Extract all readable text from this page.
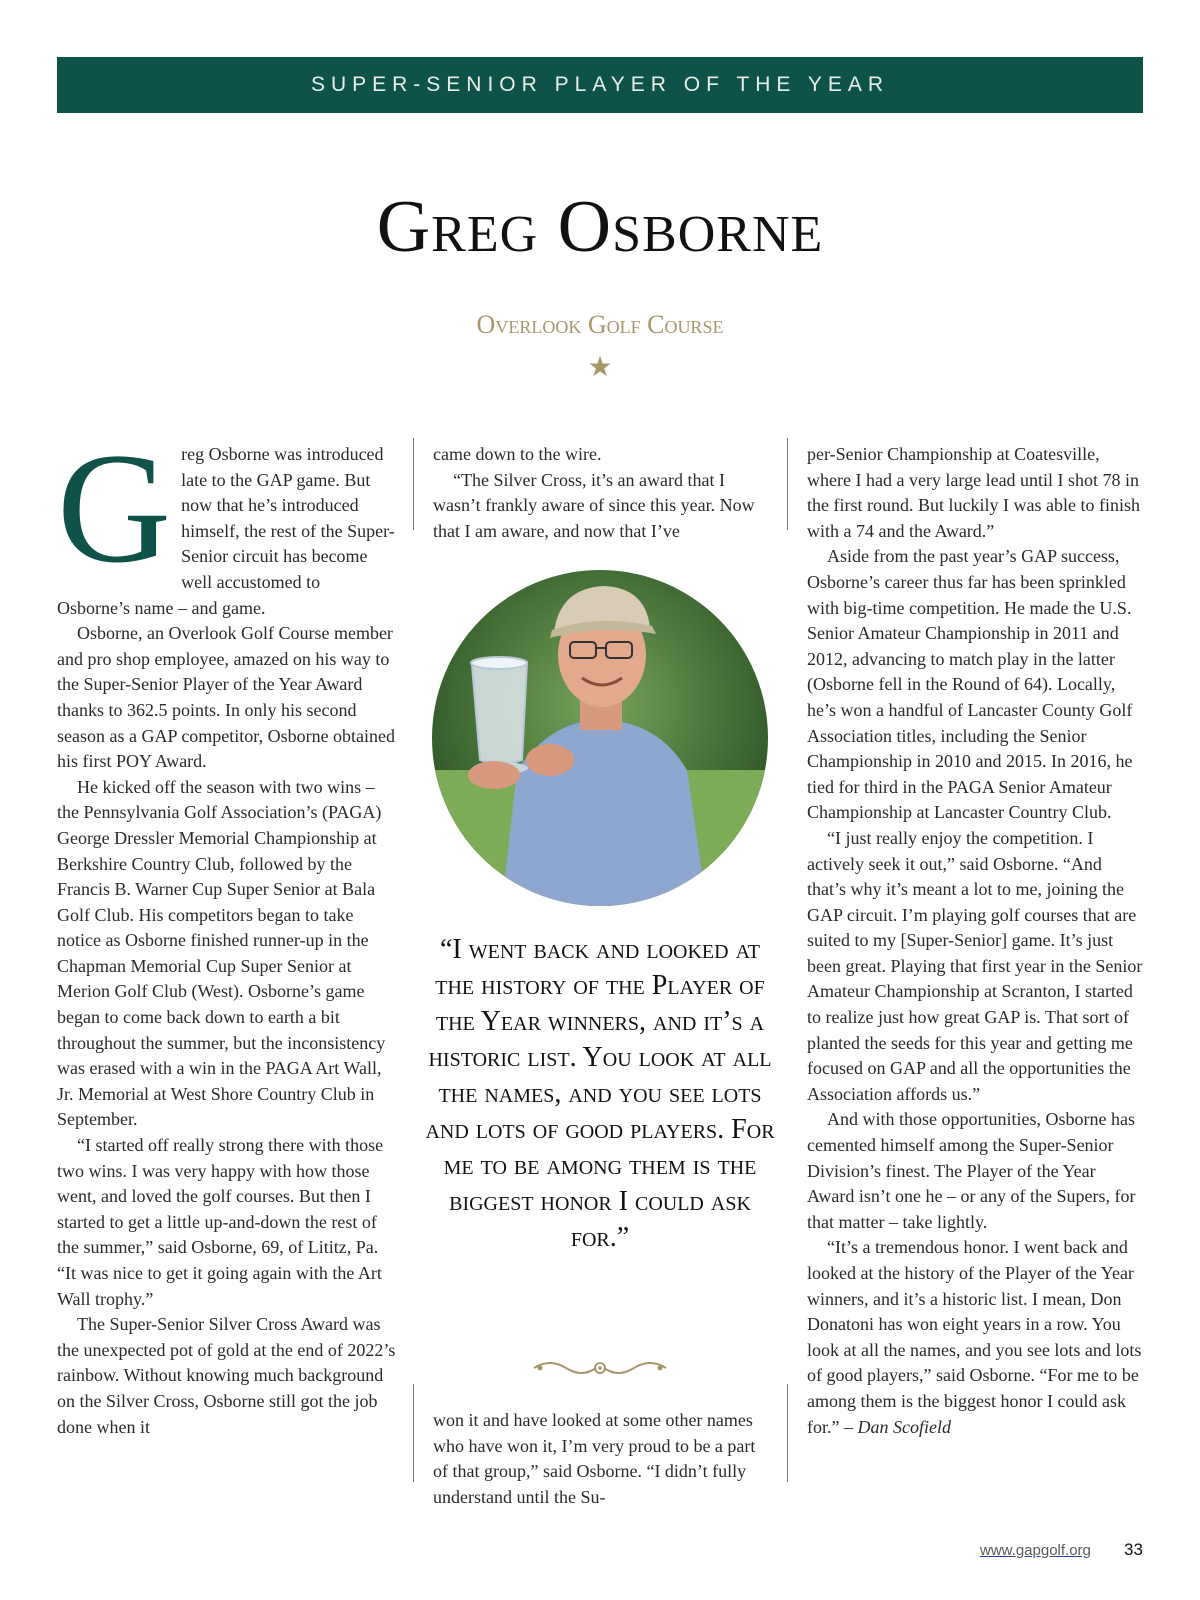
SUPER-SENIOR PLAYER OF THE YEAR
Greg Osborne
Overlook Golf Course
★
G reg Osborne was introduced late to the GAP game. But now that he’s introduced himself, the rest of the Super-Senior circuit has become well accustomed to Osborne’s name – and game.

Osborne, an Overlook Golf Course member and pro shop employee, amazed on his way to the Super-Senior Player of the Year Award thanks to 362.5 points. In only his second season as a GAP competitor, Osborne obtained his first POY Award.

He kicked off the season with two wins – the Pennsylvania Golf Association’s (PAGA) George Dressler Memorial Championship at Berkshire Country Club, followed by the Francis B. Warner Cup Super Senior at Bala Golf Club. His competitors began to take notice as Osborne finished runner-up in the Chapman Memorial Cup Super Senior at Merion Golf Club (West). Osborne’s game began to come back down to earth a bit throughout the summer, but the inconsistency was erased with a win in the PAGA Art Wall, Jr. Memorial at West Shore Country Club in September.

“I started off really strong there with those two wins. I was very happy with how those went, and loved the golf courses. But then I started to get a little up-and-down the rest of the summer,” said Osborne, 69, of Lititz, Pa. “It was nice to get it going again with the Art Wall trophy.”

The Super-Senior Silver Cross Award was the unexpected pot of gold at the end of 2022’s rainbow. Without knowing much background on the Silver Cross, Osborne still got the job done when it

came down to the wire.

“The Silver Cross, it’s an award that I wasn’t frankly aware of since this year. Now that I am aware, and now that I’ve

“I went back and looked at the history of the Player of the Year winners, and it’s a historic list. You look at all the names, and you see lots and lots of good players. For me to be among them is the biggest honor I could ask for.”

won it and have looked at some other names who have won it, I’m very proud to be a part of that group,” said Osborne. “I didn’t fully understand until the Su-

per-Senior Championship at Coatesville, where I had a very large lead until I shot 78 in the first round. But luckily I was able to finish with a 74 and the Award.”

Aside from the past year’s GAP success, Osborne’s career thus far has been sprinkled with big-time competition. He made the U.S. Senior Amateur Championship in 2011 and 2012, advancing to match play in the latter (Osborne fell in the Round of 64). Locally, he’s won a handful of Lancaster County Golf Association titles, including the Senior Championship in 2010 and 2015. In 2016, he tied for third in the PAGA Senior Amateur Championship at Lancaster Country Club.

“I just really enjoy the competition. I actively seek it out,” said Osborne. “And that’s why it’s meant a lot to me, joining the GAP circuit. I’m playing golf courses that are suited to my [Super-Senior] game. It’s just been great. Playing that first year in the Senior Amateur Championship at Scranton, I started to realize just how great GAP is. That sort of planted the seeds for this year and getting me focused on GAP and all the opportunities the Association affords us.”

And with those opportunities, Osborne has cemented himself among the Super-Senior Division’s finest. The Player of the Year Award isn’t one he – or any of the Supers, for that matter – take lightly.

“It’s a tremendous honor. I went back and looked at the history of the Player of the Year winners, and it’s a historic list. I mean, Don Donatoni has won eight years in a row. You look at all the names, and you see lots and lots of good players,” said Osborne. “For me to be among them is the biggest honor I could ask for.” – Dan Scofield

www.gapgolf.org 33
